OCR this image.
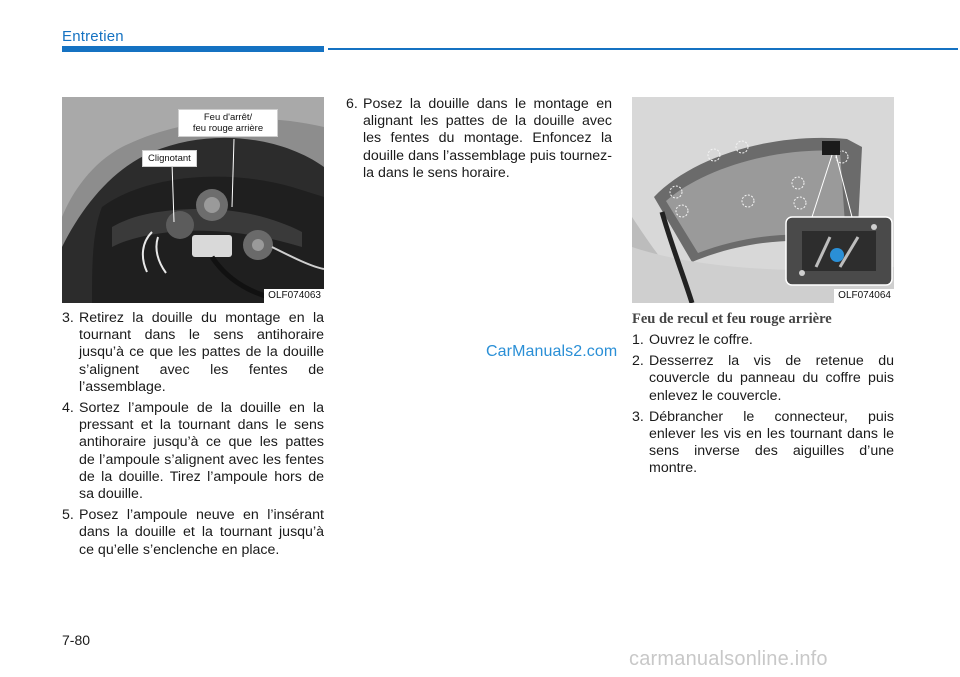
Entretien
Feu d'arrêt/
feu rouge arrière
Clignotant
OLF074063	OLF074064
3. Retirez la douille du montage en la tournant dans le sens antihoraire jusqu’à ce que les pattes de la douille s’alignent avec les fentes de l’assemblage.
4. Sortez l’ampoule de la douille en la pressant et la tournant dans le sens antihoraire jusqu’à ce que les pattes de l’ampoule s’alignent avec les fentes de la douille. Tirez l’ampoule hors de sa douille.
5. Posez l’ampoule neuve en l’insérant dans la douille et la tournant jusqu’à ce qu’elle s’enclenche en place.
6. Posez la douille dans le montage en alignant les pattes de la douille avec les fentes du montage. Enfoncez la douille dans l’assemblage puis tournez-la dans le sens horaire.
Feu de recul et feu rouge arrière
1. Ouvrez le coffre.
2. Desserrez la vis de retenue du couvercle du panneau du coffre puis enlevez le couvercle.
3. Débrancher le connecteur, puis enlever les vis en les tournant dans le sens inverse des aiguilles d’une montre.
CarManuals2.com
7-80
carmanualsonline.info
